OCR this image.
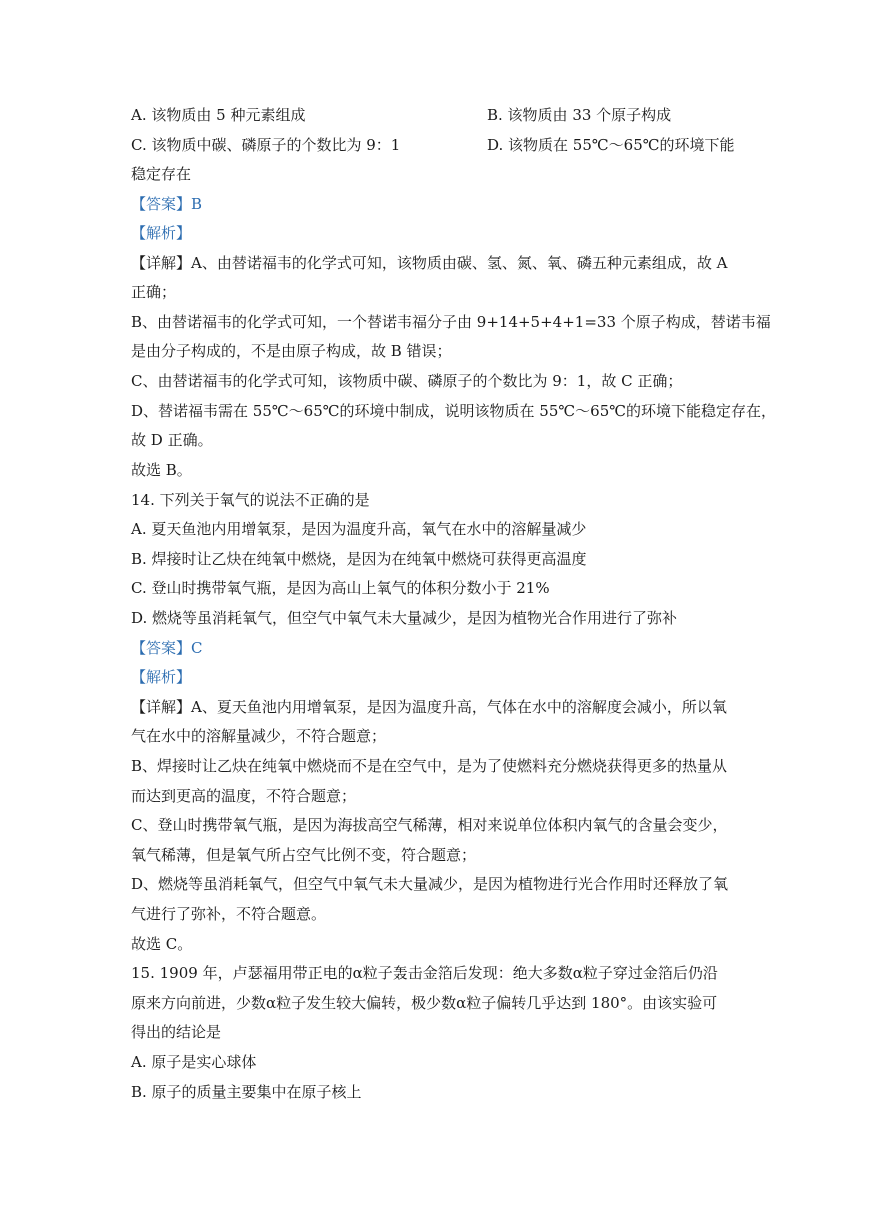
A. 该物质由 5 种元素组成	B. 该物质由 33 个原子构成
C. 该物质中碳、磷原子的个数比为 9：1	D. 该物质在 55℃～65℃的环境下能
稳定存在
【答案】B
【解析】
【详解】A、由替诺福韦的化学式可知，该物质由碳、氢、氮、氧、磷五种元素组成，故 A
正确；
B、由替诺福韦的化学式可知，一个替诺韦福分子由 9+14+5+4+1=33 个原子构成，替诺韦福
是由分子构成的，不是由原子构成，故 B 错误；
C、由替诺福韦的化学式可知，该物质中碳、磷原子的个数比为 9：1，故 C 正确；
D、替诺福韦需在 55℃～65℃的环境中制成，说明该物质在 55℃～65℃的环境下能稳定存在，
故 D 正确。
故选 B。
14. 下列关于氧气的说法不正确的是
A. 夏天鱼池内用增氧泵，是因为温度升高，氧气在水中的溶解量减少
B. 焊接时让乙炔在纯氧中燃烧，是因为在纯氧中燃烧可获得更高温度
C. 登山时携带氧气瓶，是因为高山上氧气的体积分数小于 21%
D. 燃烧等虽消耗氧气，但空气中氧气未大量减少，是因为植物光合作用进行了弥补
【答案】C
【解析】
【详解】A、夏天鱼池内用增氧泵，是因为温度升高，气体在水中的溶解度会减小，所以氧
气在水中的溶解量减少，不符合题意；
B、焊接时让乙炔在纯氧中燃烧而不是在空气中，是为了使燃料充分燃烧获得更多的热量从
而达到更高的温度，不符合题意；
C、登山时携带氧气瓶，是因为海拔高空气稀薄，相对来说单位体积内氧气的含量会变少，
氧气稀薄，但是氧气所占空气比例不变，符合题意；
D、燃烧等虽消耗氧气，但空气中氧气未大量减少，是因为植物进行光合作用时还释放了氧
气进行了弥补，不符合题意。
故选 C。
15. 1909 年，卢瑟福用带正电的α粒子轰击金箔后发现：绝大多数α粒子穿过金箔后仍沿
原来方向前进，少数α粒子发生较大偏转，极少数α粒子偏转几乎达到 180°。由该实验可
得出的结论是
A. 原子是实心球体
B. 原子的质量主要集中在原子核上
